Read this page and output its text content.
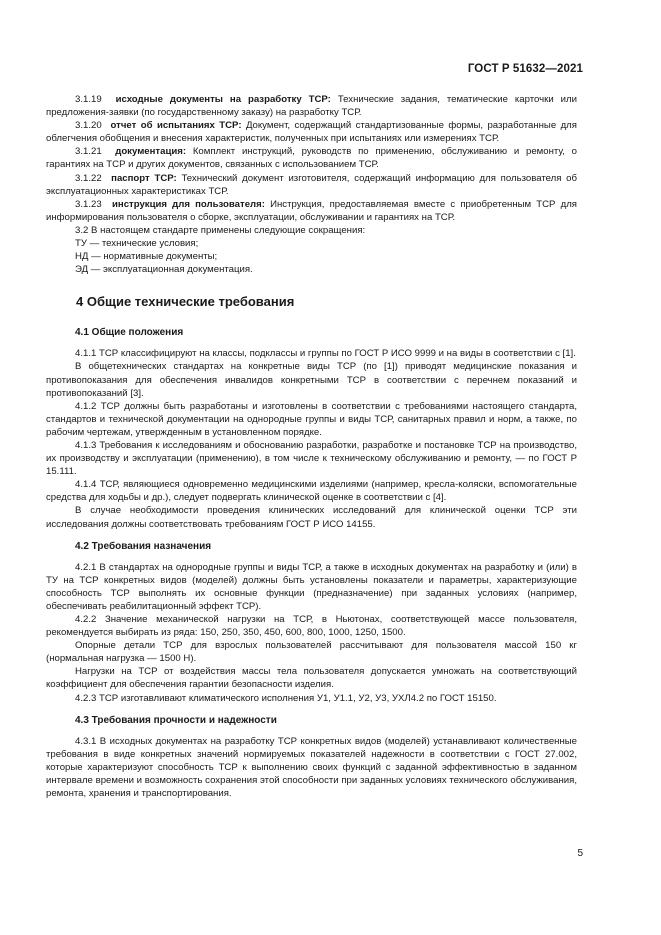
ГОСТ Р 51632—2021

3.1.19 исходные документы на разработку ТСР: Технические задания, тематические карточки или предложения-заявки (по государственному заказу) на разработку ТСР.

3.1.20 отчет об испытаниях ТСР: Документ, содержащий стандартизованные формы, разработанные для облегчения обобщения и внесения характеристик, полученных при испытаниях или измерениях ТСР.

3.1.21 документация: Комплект инструкций, руководств по применению, обслуживанию и ремонту, о гарантиях на ТСР и других документов, связанных с использованием ТСР.

3.1.22 паспорт ТСР: Технический документ изготовителя, содержащий информацию для пользователя об эксплуатационных характеристиках ТСР.

3.1.23 инструкция для пользователя: Инструкция, предоставляемая вместе с приобретенным ТСР для информирования пользователя о сборке, эксплуатации, обслуживании и гарантиях на ТСР.

3.2 В настоящем стандарте применены следующие сокращения:

ТУ — технические условия;

НД — нормативные документы;

ЭД — эксплуатационная документация.

4 Общие технические требования
4.1 Общие положения

4.1.1 ТСР классифицируют на классы, подклассы и группы по ГОСТ Р ИСО 9999 и на виды в соответствии с [1].

В общетехнических стандартах на конкретные виды ТСР (по [1]) приводят медицинские показания и противопоказания для обеспечения инвалидов конкретными ТСР в соответствии с перечнем показаний и противопоказаний [3].

4.1.2 ТСР должны быть разработаны и изготовлены в соответствии с требованиями настоящего стандарта, стандартов и технической документации на однородные группы и виды ТСР, санитарных правил и норм, а также, по рабочим чертежам, утвержденным в установленном порядке.

4.1.3 Требования к исследованиям и обоснованию разработки, разработке и постановке ТСР на производство, их производству и эксплуатации (применению), в том числе к техническому обслуживанию и ремонту, — по ГОСТ Р 15.111.

4.1.4 ТСР, являющиеся одновременно медицинскими изделиями (например, кресла-коляски, вспомогательные средства для ходьбы и др.), следует подвергать клинической оценке в соответствии с [4].

В случае необходимости проведения клинических исследований для клинической оценки ТСР эти исследования должны соответствовать требованиям ГОСТ Р ИСО 14155.

4.2 Требования назначения

4.2.1 В стандартах на однородные группы и виды ТСР, а также в исходных документах на разработку и (или) в ТУ на ТСР конкретных видов (моделей) должны быть установлены показатели и параметры, характеризующие способность ТСР выполнять их основные функции (предназначение) при заданных условиях (например, обеспечивать реабилитационный эффект ТСР).

4.2.2 Значение механической нагрузки на ТСР, в Ньютонах, соответствующей массе пользователя, рекомендуется выбирать из ряда: 150, 250, 350, 450, 600, 800, 1000, 1250, 1500.

Опорные детали ТСР для взрослых пользователей рассчитывают для пользователя массой 150 кг (нормальная нагрузка — 1500 Н).

Нагрузки на ТСР от воздействия массы тела пользователя допускается умножать на соответствующий коэффициент для обеспечения гарантии безопасности изделия.

4.2.3 ТСР изготавливают климатического исполнения У1, У1.1, У2, У3, УХЛ4.2 по ГОСТ 15150.

4.3 Требования прочности и надежности

4.3.1 В исходных документах на разработку ТСР конкретных видов (моделей) устанавливают количественные требования в виде конкретных значений нормируемых показателей надежности в соответствии с ГОСТ 27.002, которые характеризуют способность ТСР к выполнению своих функций с заданной эффективностью в заданном интервале времени и возможность сохранения этой способности при заданных условиях технического обслуживания, ремонта, хранения и транспортирования.

5
